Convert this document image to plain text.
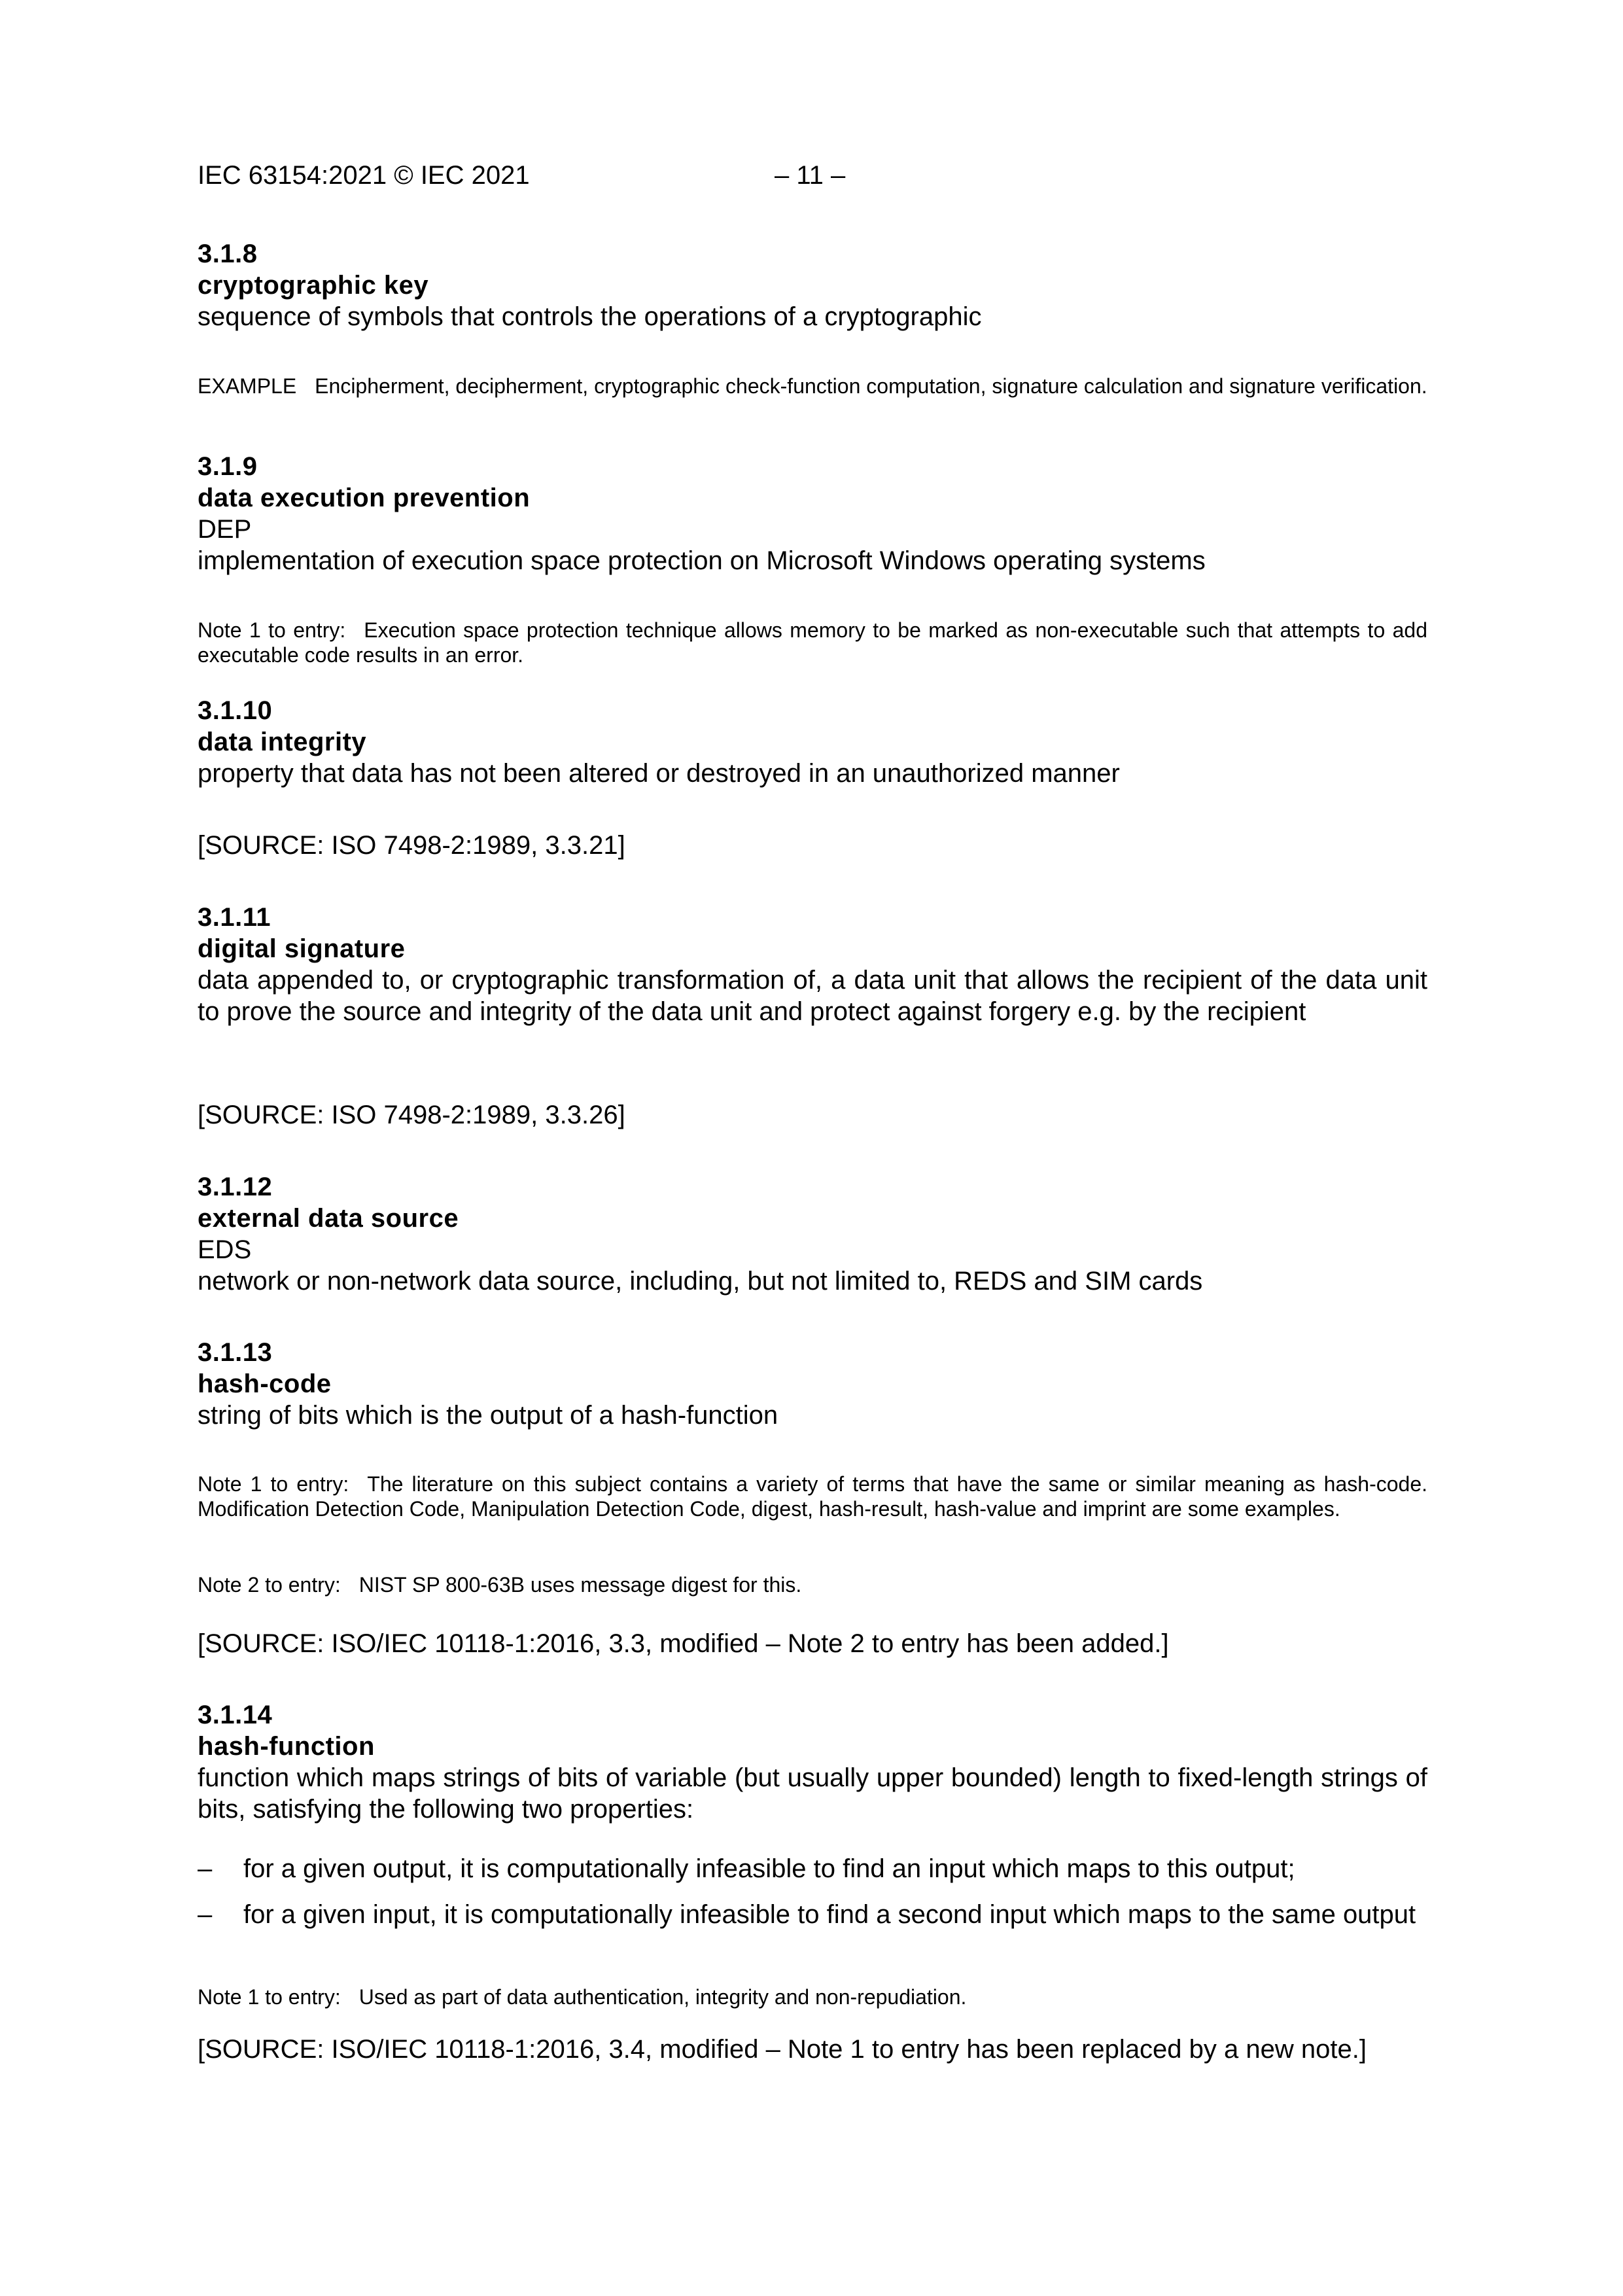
IEC 63154:2021 © IEC 2021	– 11 –
3.1.8
cryptographic key
sequence of symbols that controls the operations of a cryptographic
EXAMPLE Encipherment, decipherment, cryptographic check-function computation, signature calculation and signature verification.
3.1.9
data execution prevention
DEP
implementation of execution space protection on Microsoft Windows operating systems
Note 1 to entry: Execution space protection technique allows memory to be marked as non-executable such that attempts to add executable code results in an error.
3.1.10
data integrity
property that data has not been altered or destroyed in an unauthorized manner
[SOURCE: ISO 7498-2:1989, 3.3.21]
3.1.11
digital signature
data appended to, or cryptographic transformation of, a data unit that allows the recipient of the data unit to prove the source and integrity of the data unit and protect against forgery e.g. by the recipient
[SOURCE: ISO 7498-2:1989, 3.3.26]
3.1.12
external data source
EDS
network or non-network data source, including, but not limited to, REDS and SIM cards
3.1.13
hash-code
string of bits which is the output of a hash-function
Note 1 to entry: The literature on this subject contains a variety of terms that have the same or similar meaning as hash-code. Modification Detection Code, Manipulation Detection Code, digest, hash-result, hash-value and imprint are some examples.
Note 2 to entry: NIST SP 800-63B uses message digest for this.
[SOURCE: ISO/IEC 10118-1:2016, 3.3, modified – Note 2 to entry has been added.]
3.1.14
hash-function
function which maps strings of bits of variable (but usually upper bounded) length to fixed-length strings of bits, satisfying the following two properties:
– for a given output, it is computationally infeasible to find an input which maps to this output;
– for a given input, it is computationally infeasible to find a second input which maps to the same output
Note 1 to entry: Used as part of data authentication, integrity and non-repudiation.
[SOURCE: ISO/IEC 10118-1:2016, 3.4, modified – Note 1 to entry has been replaced by a new note.]
